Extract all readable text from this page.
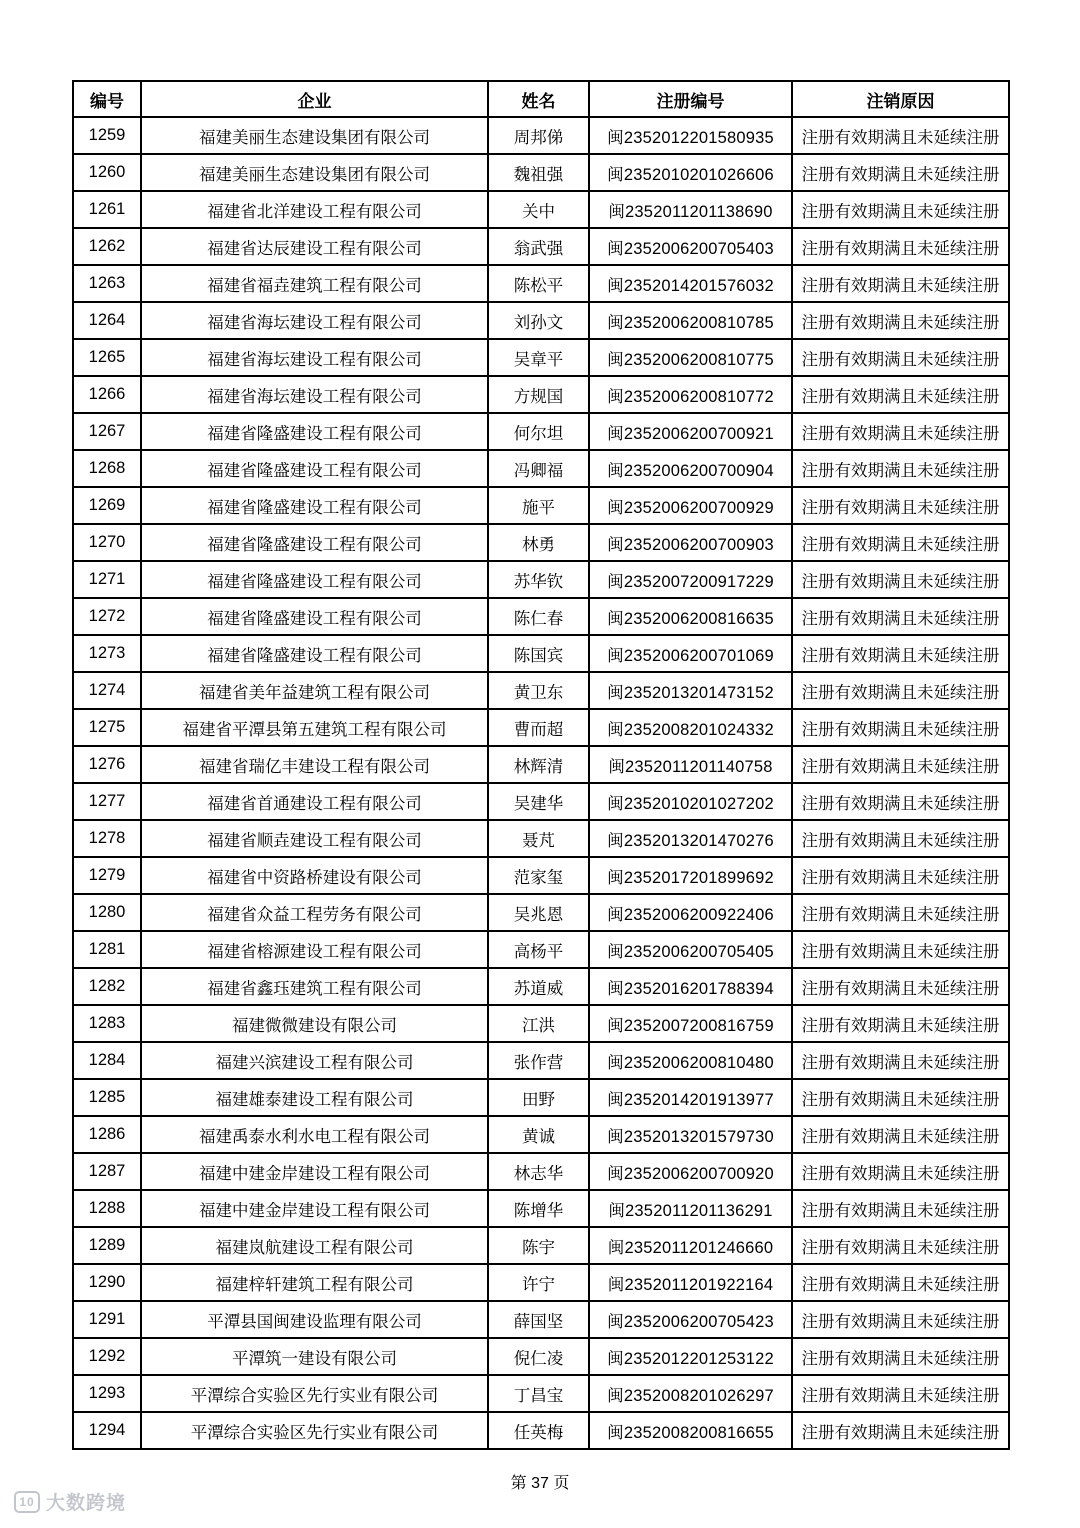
编号	企业	姓名	注册编号	注销原因
1259	福建美丽生态建设集团有限公司	周邦俤	闽2352012201580935	注册有效期满且未延续注册
1260	福建美丽生态建设集团有限公司	魏祖强	闽2352010201026606	注册有效期满且未延续注册
1261	福建省北洋建设工程有限公司	关中	闽2352011201138690	注册有效期满且未延续注册
1262	福建省达辰建设工程有限公司	翁武强	闽2352006200705403	注册有效期满且未延续注册
1263	福建省福垚建筑工程有限公司	陈松平	闽2352014201576032	注册有效期满且未延续注册
1264	福建省海坛建设工程有限公司	刘孙文	闽2352006200810785	注册有效期满且未延续注册
1265	福建省海坛建设工程有限公司	吴章平	闽2352006200810775	注册有效期满且未延续注册
1266	福建省海坛建设工程有限公司	方规国	闽2352006200810772	注册有效期满且未延续注册
1267	福建省隆盛建设工程有限公司	何尔坦	闽2352006200700921	注册有效期满且未延续注册
1268	福建省隆盛建设工程有限公司	冯卿福	闽2352006200700904	注册有效期满且未延续注册
1269	福建省隆盛建设工程有限公司	施平	闽2352006200700929	注册有效期满且未延续注册
1270	福建省隆盛建设工程有限公司	林勇	闽2352006200700903	注册有效期满且未延续注册
1271	福建省隆盛建设工程有限公司	苏华钦	闽2352007200917229	注册有效期满且未延续注册
1272	福建省隆盛建设工程有限公司	陈仁春	闽2352006200816635	注册有效期满且未延续注册
1273	福建省隆盛建设工程有限公司	陈国宾	闽2352006200701069	注册有效期满且未延续注册
1274	福建省美年益建筑工程有限公司	黄卫东	闽2352013201473152	注册有效期满且未延续注册
1275	福建省平潭县第五建筑工程有限公司	曹而超	闽2352008201024332	注册有效期满且未延续注册
1276	福建省瑞亿丰建设工程有限公司	林辉清	闽2352011201140758	注册有效期满且未延续注册
1277	福建省首通建设工程有限公司	吴建华	闽2352010201027202	注册有效期满且未延续注册
1278	福建省顺垚建设工程有限公司	聂芃	闽2352013201470276	注册有效期满且未延续注册
1279	福建省中资路桥建设有限公司	范家玺	闽2352017201899692	注册有效期满且未延续注册
1280	福建省众益工程劳务有限公司	吴兆恩	闽2352006200922406	注册有效期满且未延续注册
1281	福建省榕源建设工程有限公司	高杨平	闽2352006200705405	注册有效期满且未延续注册
1282	福建省鑫珏建筑工程有限公司	苏道威	闽2352016201788394	注册有效期满且未延续注册
1283	福建微微建设有限公司	江洪	闽2352007200816759	注册有效期满且未延续注册
1284	福建兴滨建设工程有限公司	张作营	闽2352006200810480	注册有效期满且未延续注册
1285	福建雄泰建设工程有限公司	田野	闽2352014201913977	注册有效期满且未延续注册
1286	福建禹泰水利水电工程有限公司	黄诚	闽2352013201579730	注册有效期满且未延续注册
1287	福建中建金岸建设工程有限公司	林志华	闽2352006200700920	注册有效期满且未延续注册
1288	福建中建金岸建设工程有限公司	陈增华	闽2352011201136291	注册有效期满且未延续注册
1289	福建岚航建设工程有限公司	陈宇	闽2352011201246660	注册有效期满且未延续注册
1290	福建梓轩建筑工程有限公司	许宁	闽2352011201922164	注册有效期满且未延续注册
1291	平潭县国闽建设监理有限公司	薛国坚	闽2352006200705423	注册有效期满且未延续注册
1292	平潭筑一建设有限公司	倪仁凌	闽2352012201253122	注册有效期满且未延续注册
1293	平潭综合实验区先行实业有限公司	丁昌宝	闽2352008201026297	注册有效期满且未延续注册
1294	平潭综合实验区先行实业有限公司	任英梅	闽2352008200816655	注册有效期满且未延续注册
第 37 页
10 大数跨境
